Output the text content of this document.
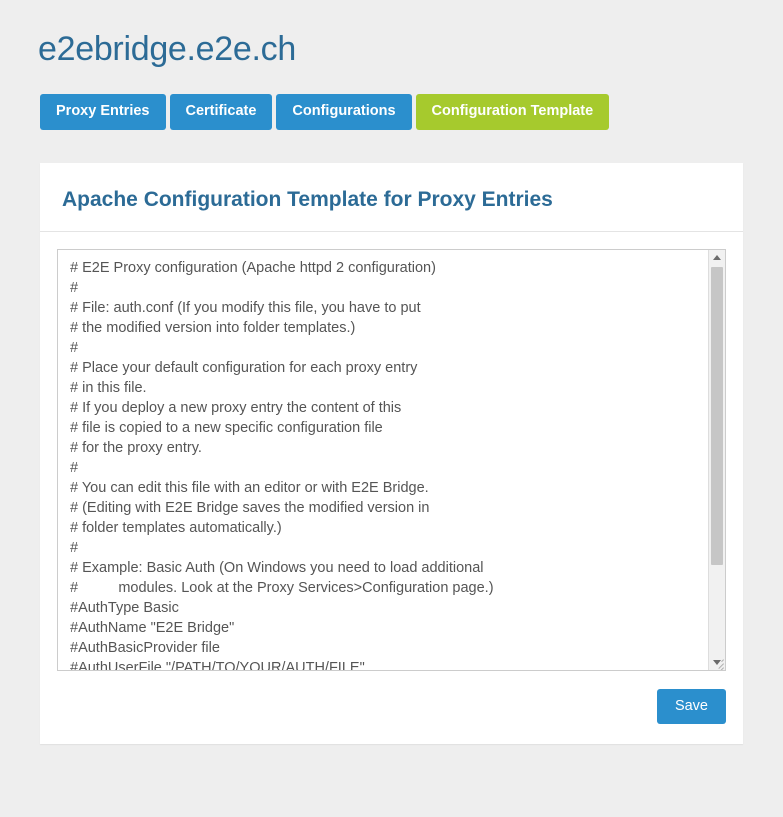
e2ebridge.e2e.ch
Proxy Entries	Certificate	Configurations	Configuration Template
Apache Configuration Template for Proxy Entries
# E2E Proxy configuration (Apache httpd 2 configuration) # # File: auth.conf (If you modify this file, you have to put # the modified version into folder templates.) # # Place your default configuration for each proxy entry # in this file. # If you deploy a new proxy entry the content of this # file is copied to a new specific configuration file # for the proxy entry. # # You can edit this file with an editor or with E2E Bridge. # (Editing with E2E Bridge saves the modified version in # folder templates automatically.) # # Example: Basic Auth (On Windows you need to load additional # modules. Look at the Proxy Services>Configuration page.) #AuthType Basic #AuthName "E2E Bridge" #AuthBasicProvider file #AuthUserFile "/PATH/TO/YOUR/AUTH/FILE"
Save
